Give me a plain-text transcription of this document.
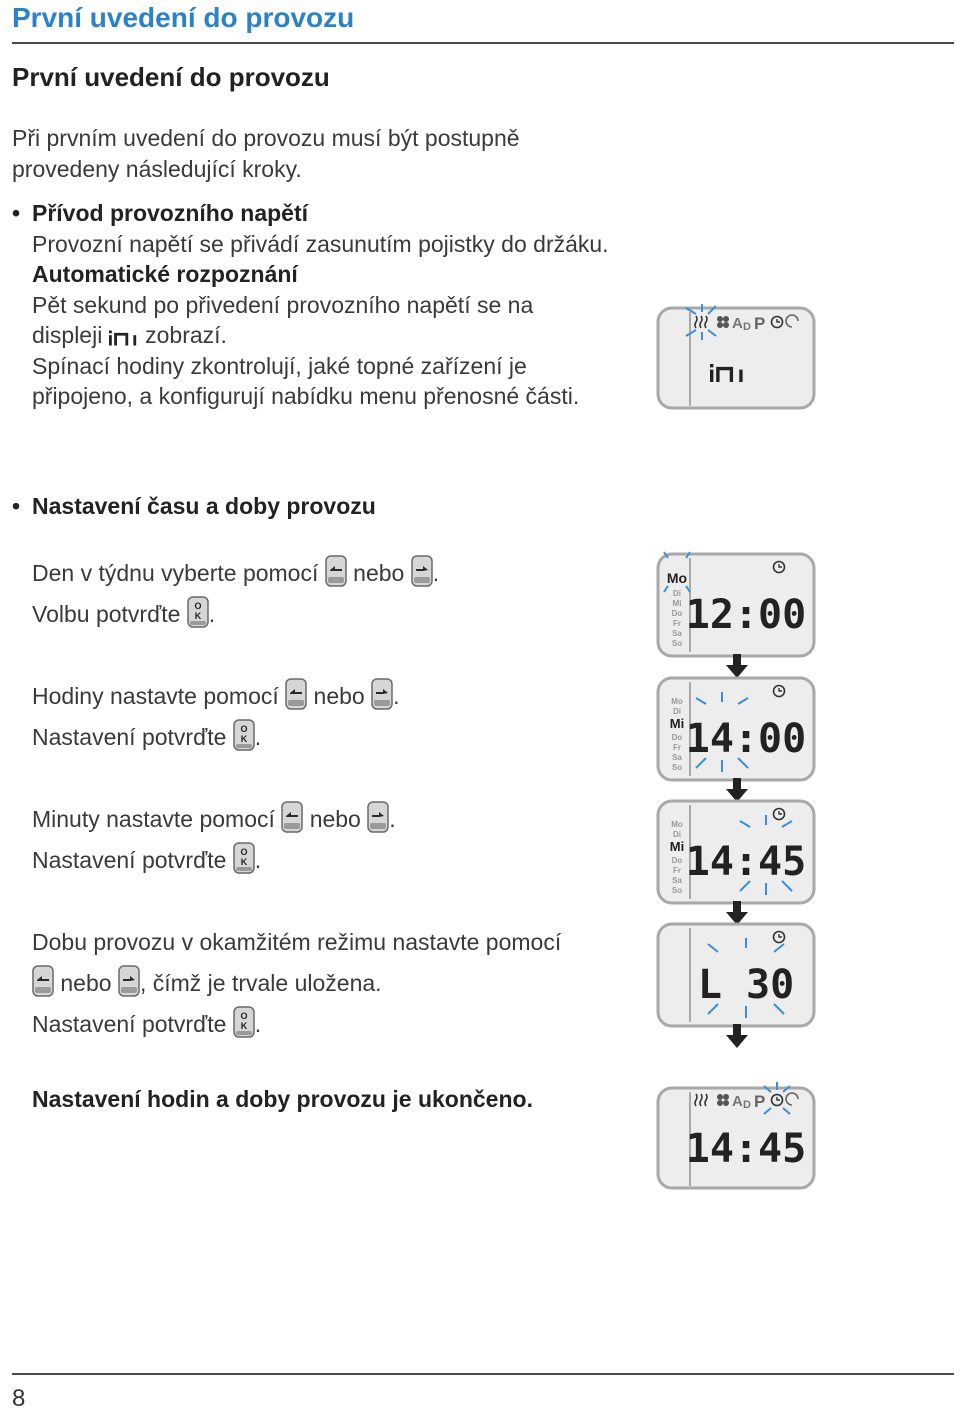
První uvedení do provozu
První uvedení do provozu
Při prvním uvedení do provozu musí být postupně
provedeny následující kroky.
• Přívod provozního napětí
Provozní napětí se přivádí zasunutím pojistky do držáku.
Automatické rozpoznání
Pět sekund po přivedení provozního napětí se na
displeji zobrazí.
Spínací hodiny zkontrolují, jaké topné zařízení je
připojeno, a konfigurují nabídku menu přenosné části.
A D P
• Nastavení času a doby provozu
Den v týdnu vyberte pomocí nebo .
Volbu potvrďte O
K .
Hodiny nastavte pomocí nebo .
Nastavení potvrďte O
K .
Minuty nastavte pomocí nebo .
Nastavení potvrďte O
K .
Dobu provozu v okamžitém režimu nastavte pomocí
nebo , čímž je trvale uložena.
Nastavení potvrďte O
K .
Nastavení hodin a doby provozu je ukončeno.
Mo
Di
Mi
Do
Fr
Sa
So
12:00
Mo
Di
Mi
Do
Fr
Sa
So
14:00
Mo
Di
Mi
Do
Fr
Sa
So
14:45
L 30
A D P
14:45
8
